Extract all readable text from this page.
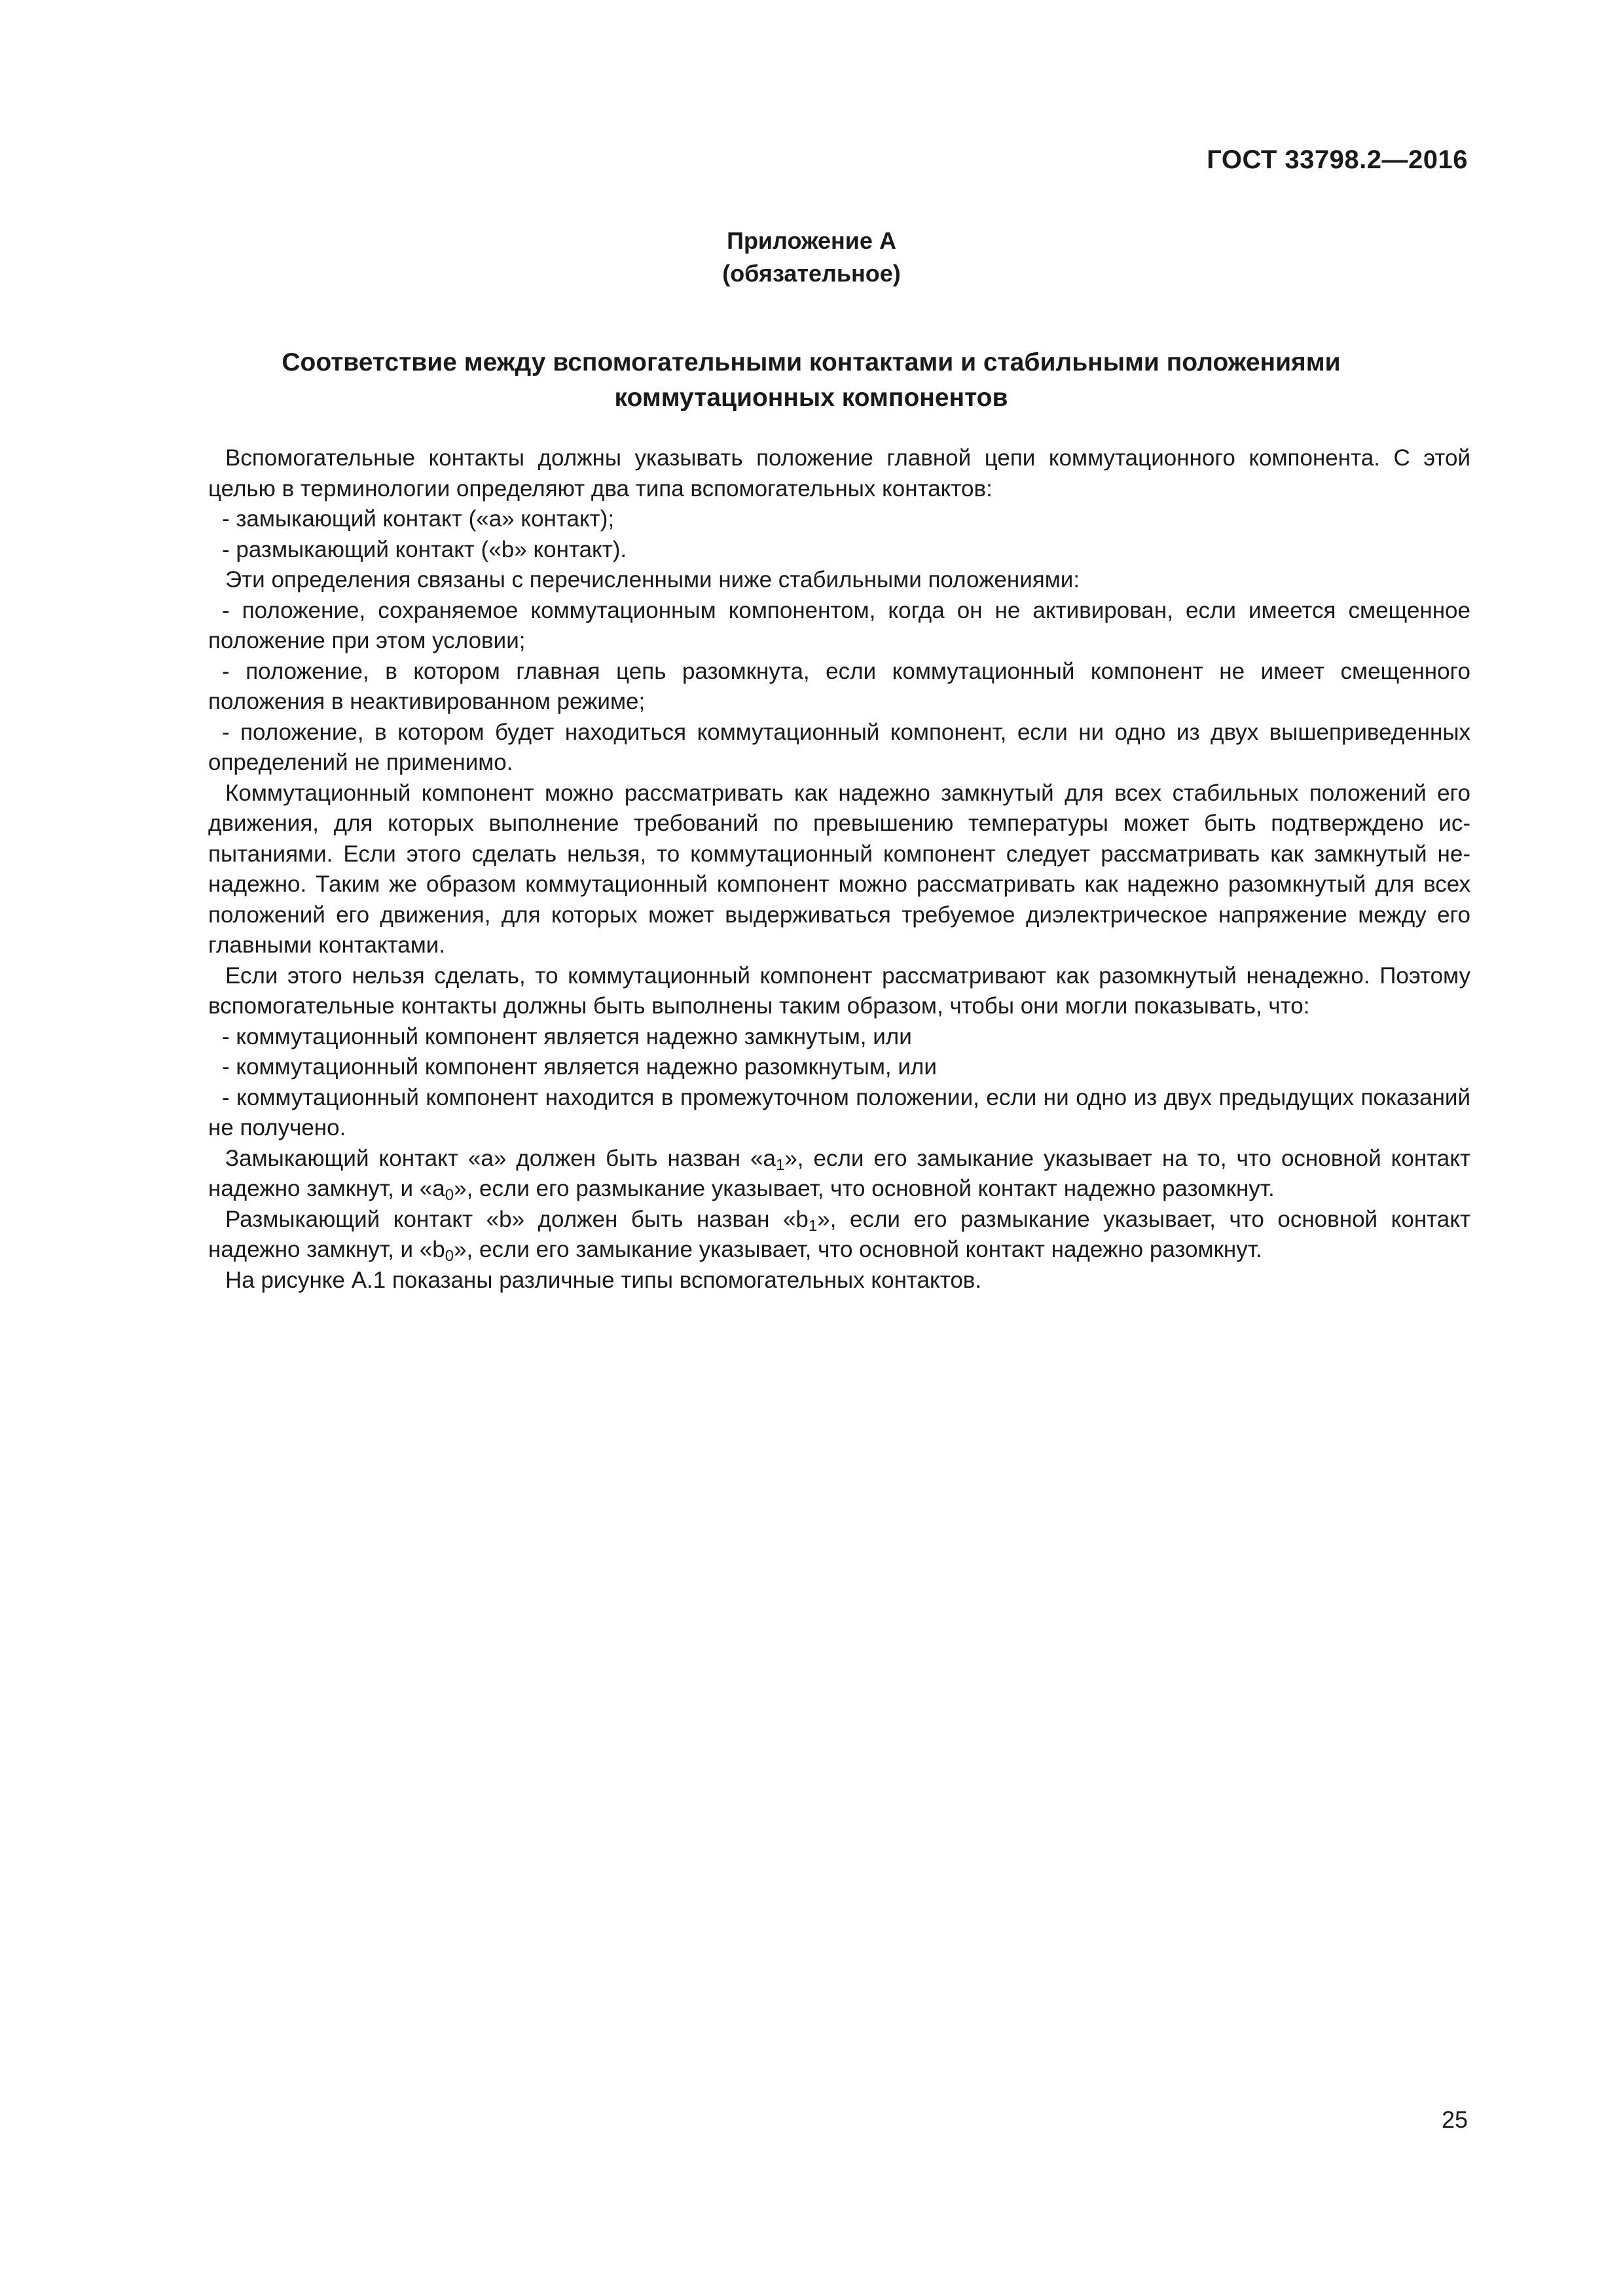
ГОСТ 33798.2—2016
Приложение А
(обязательное)
Соответствие между вспомогательными контактами и стабильными положениями
коммутационных компонентов

Вспомогательные контакты должны указывать положение главной цепи коммутационного компонента. С этой целью в терминологии определяют два типа вспомогательных контактов:

- замыкающий контакт («а» контакт);

- размыкающий контакт («b» контакт).

Эти определения связаны с перечисленными ниже стабильными положениями:

- положение, сохраняемое коммутационным компонентом, когда он не активирован, если имеется смещенное положение при этом условии;

- положение, в котором главная цепь разомкнута, если коммутационный компонент не имеет смещенного положения в неактивированном режиме;

- положение, в котором будет находиться коммутационный компонент, если ни одно из двух вышеприведенных определений не применимо.

Коммутационный компонент можно рассматривать как надежно замкнутый для всех стабильных положений его движения, для которых выполнение требований по превышению температуры может быть подтверждено испытаниями. Если этого сделать нельзя, то коммутационный компонент следует рассматривать как замкнутый ненадежно. Таким же образом коммутационный компонент можно рассматривать как надежно разомкнутый для всех положений его движения, для которых может выдерживаться требуемое диэлектрическое напряжение между его главными контактами.

Если этого нельзя сделать, то коммутационный компонент рассматривают как разомкнутый ненадежно. Поэтому вспомогательные контакты должны быть выполнены таким образом, чтобы они могли показывать, что:

- коммутационный компонент является надежно замкнутым, или

- коммутационный компонент является надежно разомкнутым, или

- коммутационный компонент находится в промежуточном положении, если ни одно из двух предыдущих показаний не получено.

Замыкающий контакт «а» должен быть назван «$а_1$», если его замыкание указывает на то, что основной контакт надежно замкнут, и «$а_0$», если его размыкание указывает, что основной контакт надежно разомкнут.

Размыкающий контакт «b» должен быть назван «$b_1$», если его размыкание указывает, что основной контакт надежно замкнут, и «$b_0$», если его замыкание указывает, что основной контакт надежно разомкнут.

На рисунке А.1 показаны различные типы вспомогательных контактов.

25
